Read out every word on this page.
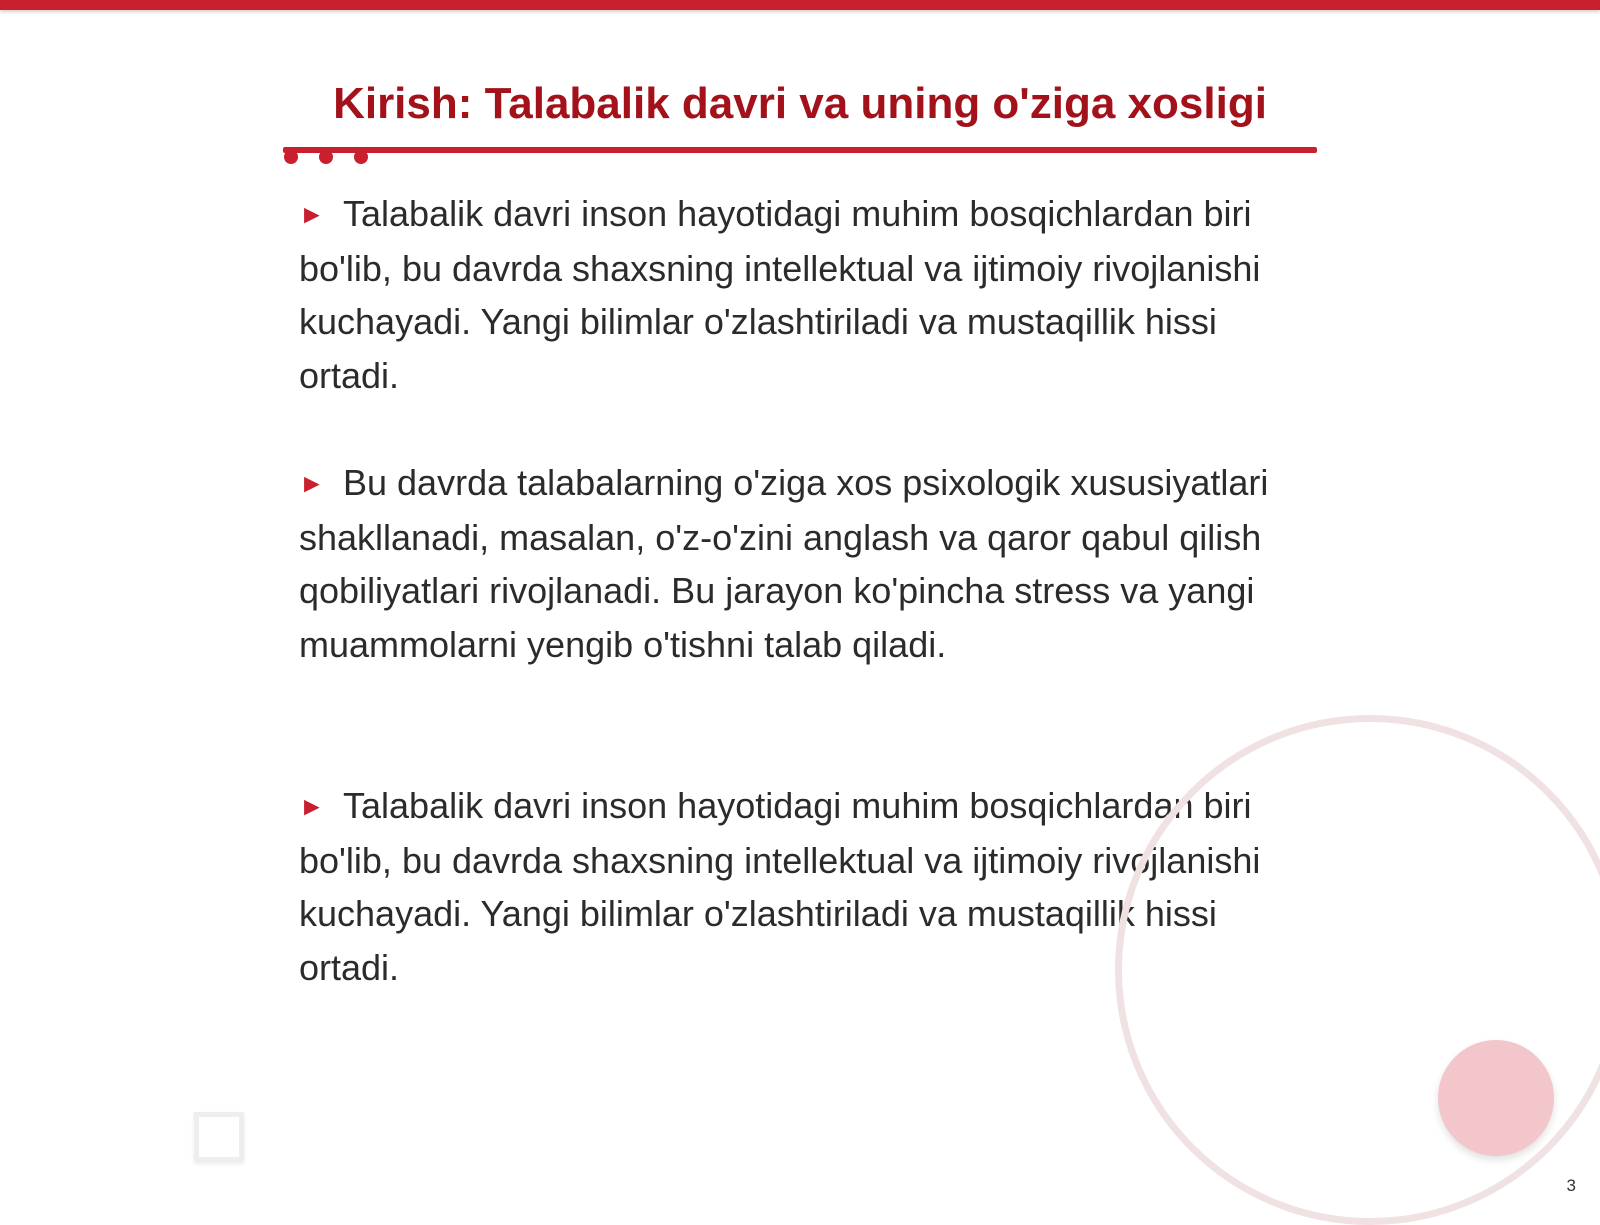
Kirish: Talabalik davri va uning o'ziga xosligi

► Talabalik davri inson hayotidagi muhim bosqichlardan biri bo'lib, bu davrda shaxsning intellektual va ijtimoiy rivojlanishi kuchayadi. Yangi bilimlar o'zlashtiriladi va mustaqillik hissi ortadi.

► Bu davrda talabalarning o'ziga xos psixologik xususiyatlari shakllanadi, masalan, o'z-o'zini anglash va qaror qabul qilish qobiliyatlari rivojlanadi. Bu jarayon ko'pincha stress va yangi muammolarni yengib o'tishni talab qiladi.

► Talabalik davri inson hayotidagi muhim bosqichlardan biri bo'lib, bu davrda shaxsning intellektual va ijtimoiy rivojlanishi kuchayadi. Yangi bilimlar o'zlashtiriladi va mustaqillik hissi ortadi.

3
